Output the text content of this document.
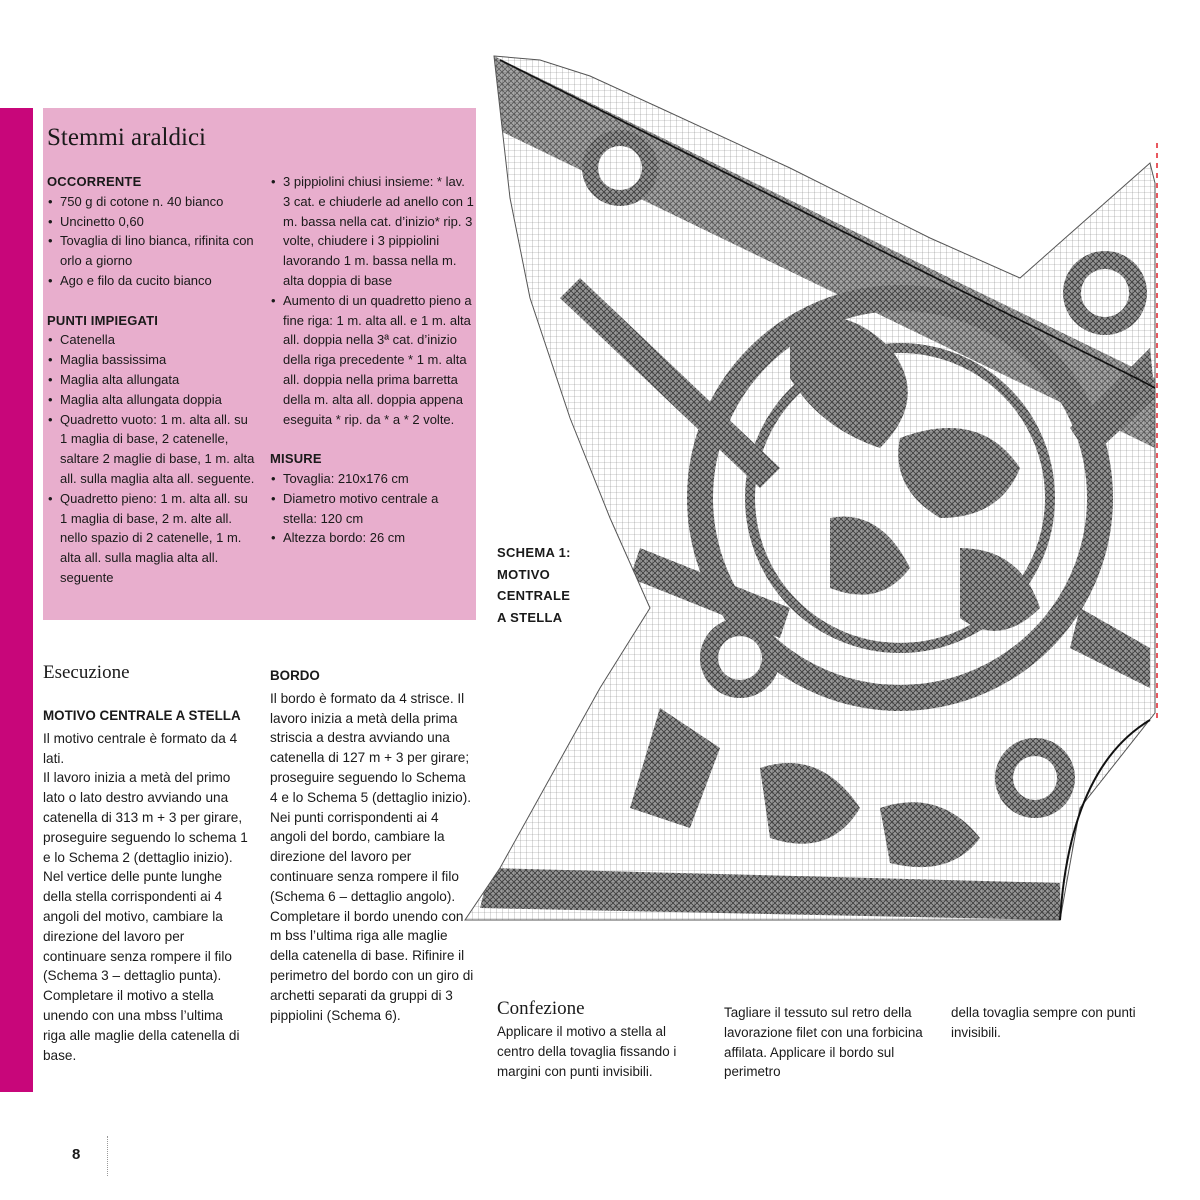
Stemmi araldici
OCCORRENTE
• 750 g di cotone n. 40 bianco
• Uncinetto 0,60
• Tovaglia di lino bianca, rifinita con orlo a giorno
• Ago e filo da cucito bianco
PUNTI IMPIEGATI
• Catenella
• Maglia bassissima
• Maglia alta allungata
• Maglia alta allungata doppia
• Quadretto vuoto: 1 m. alta all. su 1 maglia di base, 2 catenelle, saltare 2 maglie di base, 1 m. alta all. sulla maglia alta all. seguente.
• Quadretto pieno: 1 m. alta all. su 1 maglia di base, 2 m. alte all. nello spazio di 2 catenelle, 1 m. alta all. sulla maglia alta all. seguente
• 3 pippiolini chiusi insieme: * lav. 3 cat. e chiuderle ad anello con 1 m. bassa nella cat. d’inizio* rip. 3 volte, chiudere i 3 pippiolini lavorando 1 m. bassa nella m. alta doppia di base
• Aumento di un quadretto pieno a fine riga: 1 m. alta all. e 1 m. alta all. doppia nella 3ª cat. d’inizio della riga precedente * 1 m. alta all. doppia nella prima barretta della m. alta all. doppia appena eseguita * rip. da * a * 2 volte.
MISURE
• Tovaglia: 210x176 cm
• Diametro motivo centrale a stella: 120 cm
• Altezza bordo: 26 cm
Esecuzione
MOTIVO CENTRALE A STELLA

Il motivo centrale è formato da 4 lati.

Il lavoro inizia a metà del primo lato o lato destro avviando una catenella di 313 m + 3 per girare, proseguire seguendo lo schema 1 e lo Schema 2 (dettaglio inizio). Nel vertice delle punte lunghe della stella corrispondenti ai 4 angoli del motivo, cambiare la direzione del lavoro per continuare senza rompere il filo (Schema 3 – dettaglio punta).

Completare il motivo a stella unendo con una mbss l’ultima riga alle maglie della catenella di base.

BORDO

Il bordo è formato da 4 strisce. Il lavoro inizia a metà della prima striscia a destra avviando una catenella di 127 m + 3 per girare; proseguire seguendo lo Schema 4 e lo Schema 5 (dettaglio inizio).

Nei punti corrispondenti ai 4 angoli del bordo, cambiare la direzione del lavoro per continuare senza rompere il filo (Schema 6 – dettaglio angolo). Completare il bordo unendo con m bss l’ultima riga alle maglie della catenella di base. Rifinire il perimetro del bordo con un giro di archetti separati da gruppi di 3 pippiolini (Schema 6).

SCHEMA 1:
MOTIVO
CENTRALE
A STELLA
Confezione
Applicare il motivo a stella al centro della tovaglia fissando i margini con punti invisibili.
Tagliare il tessuto sul retro della lavorazione filet con una forbicina affilata. Applicare il bordo sul perimetro
della tovaglia sempre con punti invisibili.
8
